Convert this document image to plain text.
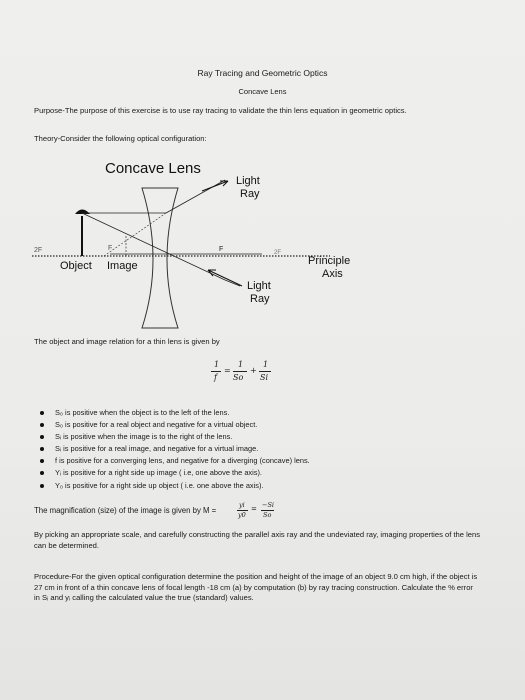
Ray Tracing and Geometric Optics
Concave Lens
Purpose-The purpose of this exercise is to use ray tracing to validate the thin lens equation in geometric optics.
Theory-Consider the following optical configuration:
Concave Lens
Light
Ray
2F	F	F	2F
Object Image	Principle
Axis
Light
Ray
The object and image relation for a thin lens is given by
1
f
=
1
So
+
1
Si
S₀ is positive when the object is to the left of the lens.
S₀ is positive for a real object and negative for a virtual object.
Sᵢ is positive when the image is to the right of the lens.
Sᵢ is positive for a real image, and negative for a virtual image.
f is positive for a converging lens, and negative for a diverging (concave) lens.
Yᵢ is positive for a right side up image ( i.e, one above the axis).
Y₀ is positive for a right side up object ( i.e. one above the axis).
The magnification (size) of the image is given by M =
yi
y0
= −Si
So
By picking an appropriate scale, and carefully constructing the parallel axis ray and the undeviated ray, imaging properties of the lens can be determined.
Procedure-For the given optical configuration determine the position and height of the image of an object 9.0 cm high, if the object is 27 cm in front of a thin concave lens of focal length -18 cm (a) by computation (b) by ray tracing construction. Calculate the % error in Sᵢ and yᵢ calling the calculated value the true (standard) values.
